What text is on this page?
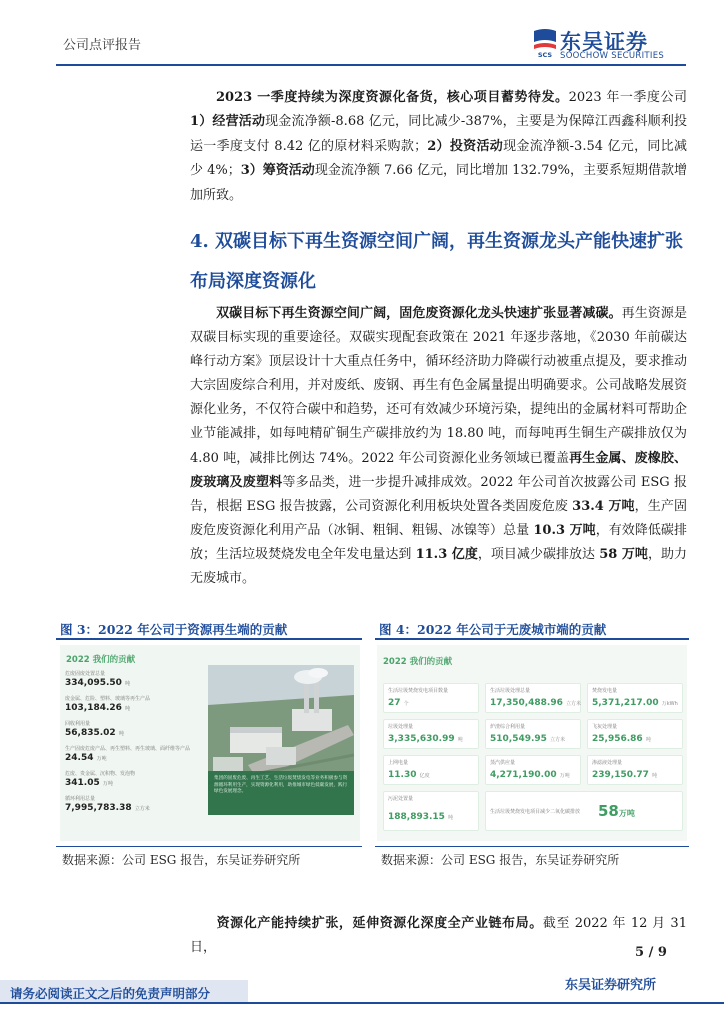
公司点评报告
SCS
东吴证券
SOOCHOW SECURITIES
2023 一季度持续为深度资源化备货，核心项目蓄势待发。2023 年一季度公司 1）经营活动现金流净额-8.68 亿元，同比减少-387%，主要是为保障江西鑫科顺利投运一季度支付 8.42 亿的原材料采购款；2）投资活动现金流净额-3.54 亿元，同比减少 4%；3）筹资活动现金流净额 7.66 亿元，同比增加 132.79%，主要系短期借款增加所致。
4. 双碳目标下再生资源空间广阔，再生资源龙头产能快速扩张布局深度资源化
双碳目标下再生资源空间广阔，固危废资源化龙头快速扩张显著减碳。再生资源是双碳目标实现的重要途径。双碳实现配套政策在 2021 年逐步落地，《2030 年前碳达峰行动方案》顶层设计十大重点任务中，循环经济助力降碳行动被重点提及，要求推动大宗固废综合利用，并对废纸、废钢、再生有色金属量提出明确要求。公司战略发展资源化业务，不仅符合碳中和趋势，还可有效减少环境污染，提纯出的金属材料可帮助企业节能减排，如每吨精矿铜生产碳排放约为 18.80 吨，而每吨再生铜生产碳排放仅为 4.80 吨，减排比例达 74%。2022 年公司资源化业务领域已覆盖再生金属、废橡胶、废玻璃及废塑料等多品类，进一步提升减排成效。2022 年公司首次披露公司 ESG 报告，根据 ESG 报告披露，公司资源化利用板块处置各类固废危废 33.4 万吨，生产固废危废资源化利用产品（冰铜、粗铜、粗锡、冰镍等）总量 10.3 万吨，有效降低碳排放；生活垃圾焚烧发电全年发电量达到 11.3 亿度，项目减少碳排放达 58 万吨，助力无废城市。
图 3：2022 年公司于资源再生端的贡献
2022 我们的贡献
危废固废处置总量
334,095.50 吨
废金属、危险、塑料、玻璃等再生产品
103,184.26 吨
回收利用量
56,835.02 吨
生产固废危废产品、再生塑料、再生玻璃、面纤维等产品
24.54 万吨
危废、贵金属、沉积物、发泡物
341.05 万吨
循环利用总量
7,995,783.38 立方米
集团的固废危废、再生工艺、生活垃圾焚烧发电等业务积极参与资源循环利用生产，实现资源化利用，助推城市绿色低碳发展，践行绿色发展理念。
数据来源：公司 ESG 报告，东吴证券研究所
图 4：2022 年公司于无废城市端的贡献
2022 我们的贡献
生活垃圾焚烧发电项目数量
27 个
生活垃圾处理总量
17,350,488.96 立方米
焚烧发电量
5,371,217.00 万kWh
垃圾处理量
3,335,630.99 吨
炉渣综合利用量
510,549.95 立方米
飞灰处理量
25,956.86 吨
上网电量
11.30 亿度
蒸汽供应量
4,271,190.00 万吨
渗滤液处理量
239,150.77 吨
污泥处置量
188,893.15 吨
生活垃圾焚烧发电项目减少二氧化碳排放 58万吨
数据来源：公司 ESG 报告，东吴证券研究所
资源化产能持续扩张，延伸资源化深度全产业链布局。截至 2022 年 12 月 31 日，	5 / 9
请务必阅读正文之后的免责声明部分
东吴证券研究所
